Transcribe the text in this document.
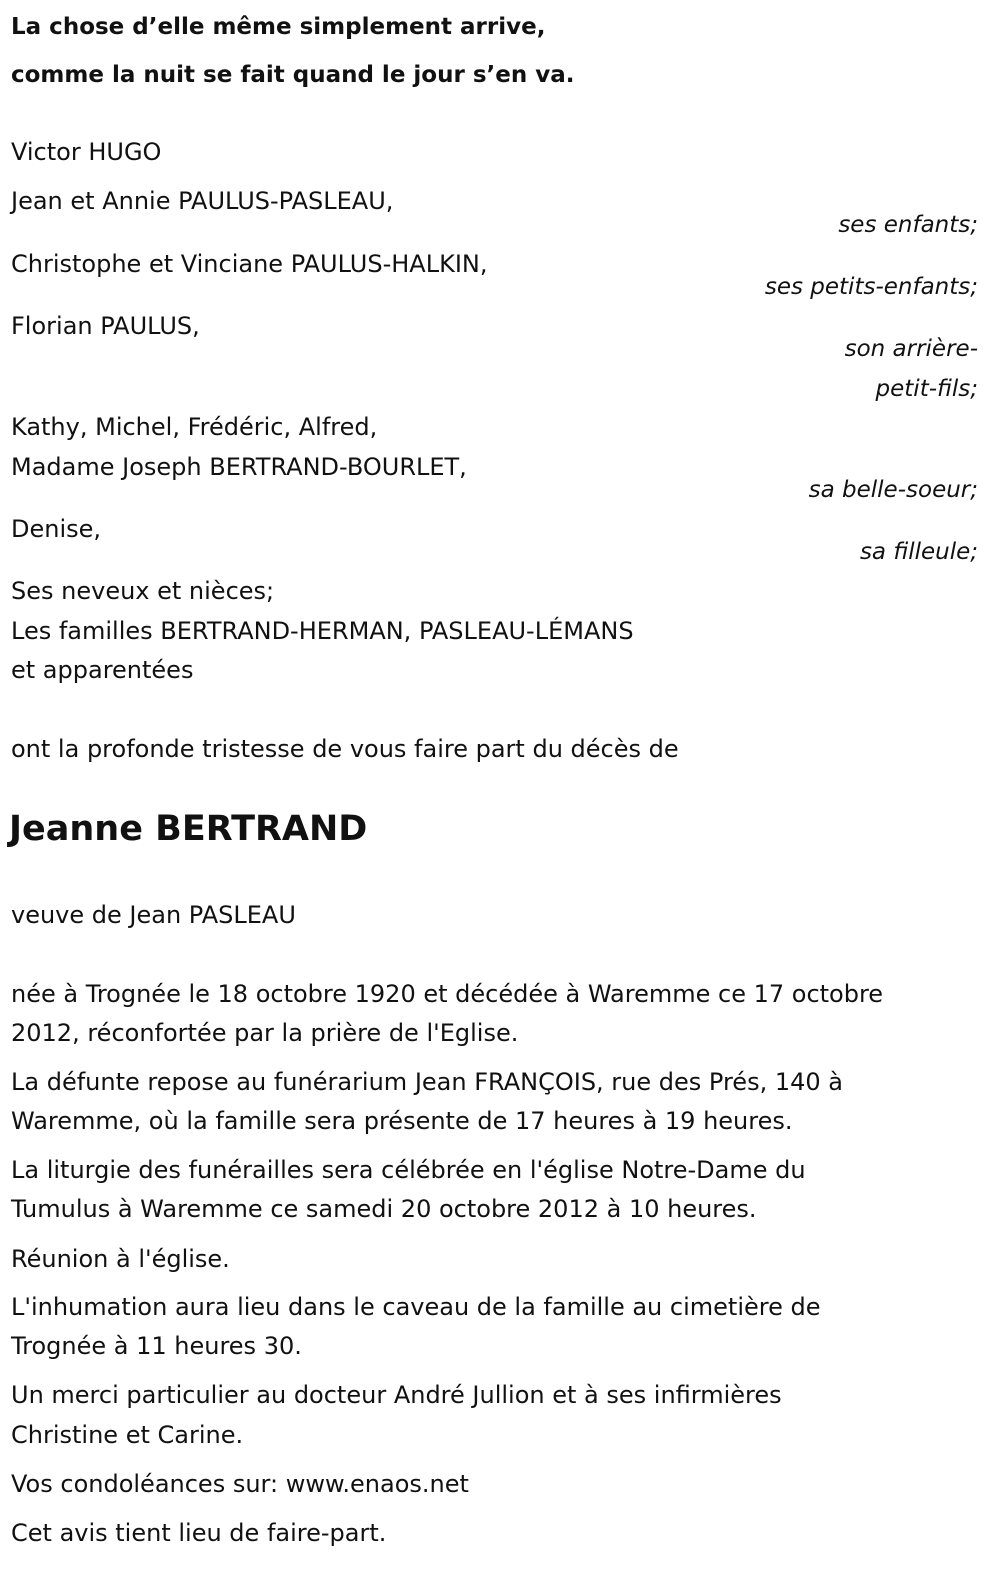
La chose d’elle même simplement arrive,

comme la nuit se fait quand le jour s’en va.

Victor HUGO

Jean et Annie PAULUS-PASLEAU,

ses enfants;

Christophe et Vinciane PAULUS-HALKIN,

ses petits-enfants;

Florian PAULUS,

son arrière-

petit-fils;

Kathy, Michel, Frédéric, Alfred,

Madame Joseph BERTRAND-BOURLET,

sa belle-soeur;

Denise,

sa filleule;

Ses neveux et nièces;

Les familles BERTRAND-HERMAN, PASLEAU-LÉMANS

et apparentées

ont la profonde tristesse de vous faire part du décès de

Jeanne BERTRAND

veuve de Jean PASLEAU

née à Trognée le 18 octobre 1920 et décédée à Waremme ce 17 octobre

2012, réconfortée par la prière de l'Eglise.

La défunte repose au funérarium Jean FRANÇOIS, rue des Prés, 140 à

Waremme, où la famille sera présente de 17 heures à 19 heures.

La liturgie des funérailles sera célébrée en l'église Notre-Dame du

Tumulus à Waremme ce samedi 20 octobre 2012 à 10 heures.

Réunion à l'église.

L'inhumation aura lieu dans le caveau de la famille au cimetière de

Trognée à 11 heures 30.

Un merci particulier au docteur André Jullion et à ses infirmières

Christine et Carine.

Vos condoléances sur: www.enaos.net

Cet avis tient lieu de faire-part.
